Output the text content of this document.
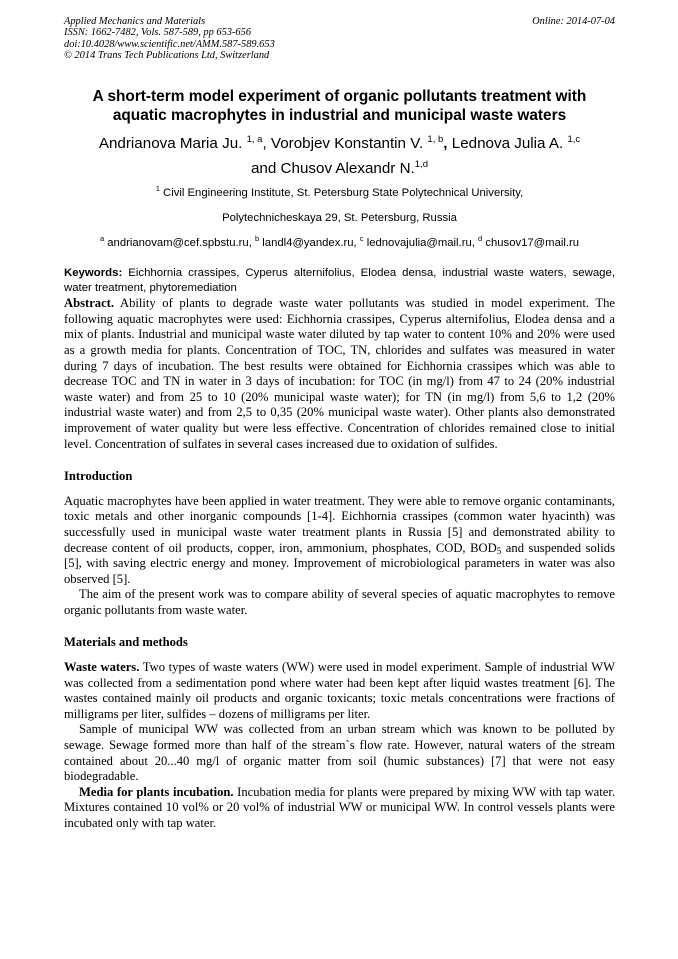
Applied Mechanics and Materials
ISSN: 1662-7482, Vols. 587-589, pp 653-656
doi:10.4028/www.scientific.net/AMM.587-589.653
© 2014 Trans Tech Publications Ltd, Switzerland
Online: 2014-07-04
A short-term model experiment of organic pollutants treatment with aquatic macrophytes in industrial and municipal waste waters
Andrianova Maria Ju. $^{1, a}$, Vorobjev Konstantin V. $^{1, b}$, Lednova Julia A. $^{1,c}$
and Chusov Alexandr N.$^{1,d}$
$^1$ Civil Engineering Institute, St. Petersburg State Polytechnical University,
Polytechnicheskaya 29, St. Petersburg, Russia
$^a$ andrianovam@cef.spbstu.ru, $^b$ landl4@yandex.ru, $^c$ lednovajulia@mail.ru, $^d$ chusov17@mail.ru
Keywords: Eichhornia crassipes, Cyperus alternifolius, Elodea densa, industrial waste waters, sewage, water treatment, phytoremediation

Abstract. Ability of plants to degrade waste water pollutants was studied in model experiment. The following aquatic macrophytes were used: Eichhornia crassipes, Cyperus alternifolius, Elodea densa and a mix of plants. Industrial and municipal waste water diluted by tap water to content 10% and 20% were used as a growth media for plants. Concentration of TOC, TN, chlorides and sulfates was measured in water during 7 days of incubation. The best results were obtained for Eichhornia crassipes which was able to decrease TOC and TN in water in 3 days of incubation: for TOC (in mg/l) from 47 to 24 (20% industrial waste water) and from 25 to 10 (20% municipal waste water); for TN (in mg/l) from 5,6 to 1,2 (20% industrial waste water) and from 2,5 to 0,35 (20% municipal waste water). Other plants also demonstrated improvement of water quality but were less effective. Concentration of chlorides remained close to initial level. Concentration of sulfates in several cases increased due to oxidation of sulfides.

Introduction

Aquatic macrophytes have been applied in water treatment. They were able to remove organic contaminants, toxic metals and other inorganic compounds [1-4]. Eichhornia crassipes (common water hyacinth) was successfully used in municipal waste water treatment plants in Russia [5] and demonstrated ability to decrease content of oil products, copper, iron, ammonium, phosphates, COD, $BOD_5$ and suspended solids [5], with saving electric energy and money. Improvement of microbiological parameters in water was also observed [5].

The aim of the present work was to compare ability of several species of aquatic macrophytes to remove organic pollutants from waste water.

Materials and methods

Waste waters. Two types of waste waters (WW) were used in model experiment. Sample of industrial WW was collected from a sedimentation pond where water had been kept after liquid wastes treatment [6]. The wastes contained mainly oil products and organic toxicants; toxic metals concentrations were fractions of milligrams per liter, sulfides – dozens of milligrams per liter.

Sample of municipal WW was collected from an urban stream which was known to be polluted by sewage. Sewage formed more than half of the stream`s flow rate. However, natural waters of the stream contained about 20...40 mg/l of organic matter from soil (humic substances) [7] that were not easy biodegradable.

Media for plants incubation. Incubation media for plants were prepared by mixing WW with tap water. Mixtures contained 10 vol% or 20 vol% of industrial WW or municipal WW. In control vessels plants were incubated only with tap water.
